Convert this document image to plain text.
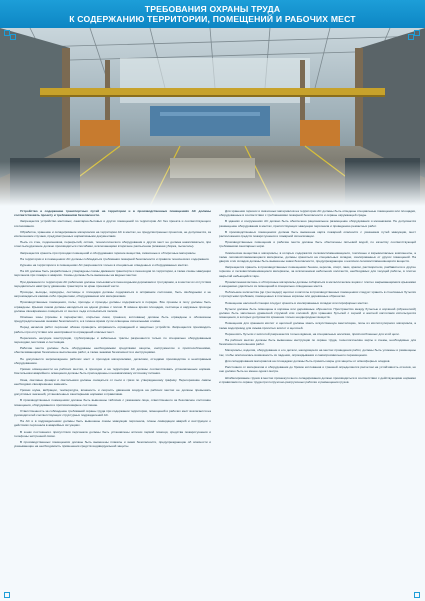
ТРЕБОВАНИЯ ОХРАНЫ ТРУДА
К СОДЕРЖАНИЮ ТЕРРИТОРИИ, ПОМЕЩЕНИЙ И РАБОЧИХ МЕСТ

Устройство и содержание транспортных путей на территории и в производственных помещениях АС должны соответствовать проекту и требованиям безопасности.

Запрещается устройство местовых, санитарно-бытовых и других помещений по территории АС без проекта и соответствующего согласования.

Обработка, хранение и складирование материалов на территории АС в местах, не предусмотренных проектом, не допускается, за исключением случаев, предусмотренных нормативными документами.

Пыль со стен, подоконников, перекрытий, оптики, технологического оборудования и других мест не должна накапливаться, при этом пылеудаление должно производиться способами, исключающими вторичное распыление (влажная уборка, пылесосы).

Запрещается хранить при проходах помещений и оборудования горючие вещества, смазочные и обтирочные материалы.

На территории и в помещениях АС должны соблюдаться требования пожарной безопасности и правила технического содержания.

Курение на территории и в помещениях АС разрешается только в специально отведенных и оборудованных местах.

На АС должны быть разработаны и утверждены схемы движения транспорта и пешеходов по территории, а также схемы эвакуации персонала при пожаре и авариях. Схемы должны быть вывешены на видных местах.

При движении по территории АС работники должны пользоваться пешеходными дорожками и тротуарами, а в местах их отсутствия передвигаться навстречу движению транспорта по краю проезжей части.

Проходы, выходы, коридоры, лестницы и площадки должны содержаться в исправном состоянии, быть свободными и не загромождаться какими-либо предметами, оборудованием или материалами.

Производственные помещения, полы, проходы и проезды должны содержаться в порядке. Все проемы в полу должны быть ограждены. Крышки люков должны находиться на одном уровне с полом. В зимнее время площадки, лестницы и наружные проходы должны своевременно очищаться от снега и льда и посыпаться песком.

Опасные зоны (проемы в перекрытиях, открытые люки, траншеи, котлованы) должны быть ограждены и обозначены предупредительными знаками безопасности, а в темное время суток освещены сигнальными огнями.

Перед началом работ персонал обязан проверить исправность ограждений и защитных устройств. Запрещается производить работы при отсутствии или неисправности ограждений опасных мест.

Пересекать несущие конструкции, трубопроводы и кабельные трассы разрешается только по специально оборудованным переходам, мостикам и лестницам.

Рабочие места должны быть оборудованы необходимыми средствами защиты, инструментом и приспособлениями, обеспечивающими безопасное выполнение работ, а также знаками безопасности и инструкциями.

Не допускается загромождение рабочих мест и проходов материалами, деталями, отходами производства и неисправным оборудованием.

Уровни освещенности на рабочих местах, в проходах и на территории АС должны соответствовать установленным нормам. Светильники аварийного освещения должны быть присоединены к независимому источнику питания.

Окна, световые фонари и светильники должны очищаться от пыли и грязи по утвержденному графику. Перегоревшие лампы необходимо своевременно заменять.

Уровни шума, вибрации, температура, влажность и скорость движения воздуха на рабочих местах не должны превышать допустимых значений, установленных санитарными нормами и правилами.

В производственных помещениях должны быть вывешены таблички с указанием лица, ответственного за безопасное состояние помещения, оборудования и противопожарное состояние.

Ответственность за соблюдение требований охраны труда при содержании территории, помещений и рабочих мест возлагается на руководителей соответствующих структурных подразделений АС.

На АС и в подразделениях должны быть вывешены схемы эвакуации персонала, планы ликвидации аварий и инструкции о действиях персонала в аварийных ситуациях.

В зонах постоянного присутствия персонала должны быть установлены аптечки первой помощи, средства пожаротушения и телефоны экстренной связи.

В производственных помещениях должны быть вывешены плакаты и знаки безопасности, предупреждающие об опасности и указывающие на необходимость применения средств индивидуальной защиты.

Для хранения горючих и смазочных материалов на территории АС должны быть отведены специальные помещения или площадки, оборудованные в соответствии с требованиями пожарной безопасности и охраны окружающей среды.

В зданиях и сооружениях АС должно быть обеспечено рациональное размещение оборудования и механизмов. Не допускается размещение оборудования в местах, препятствующих эвакуации персонала и проведению ремонтных работ.

В производственных помещениях должна быть вывешена карта пожарной опасности с указанием путей эвакуации, мест расположения средств пожаротушения и пожарной сигнализации.

Производственные помещения и рабочие места должны быть обеспечены питьевой водой, по качеству соответствующей требованиям санитарных норм.

Химические вещества и материалы, в которых содержатся легковоспламеняющиеся, токсичные и взрывоопасные компоненты, а также легковоспламеняющиеся материалы, должны храниться на специальных складах, изолированных от других помещений. На дверях этих складов должны быть вывешены знаки безопасности, предупреждающие о наличии легковоспламеняющихся веществ.

Запрещается хранить в производственных помещениях бензин, керосин, спирт, лаки, краски, растворители, разбавители и другие горючие и легковоспламеняющиеся материалы, за исключением небольших количеств, необходимых для текущей работы, в плотно закрытой небьющейся таре.

Промасленная ветошь и обтирочные материалы должны собираться в металлические ящики с плотно закрывающимися крышками и ежедневно удаляться из помещений в специально отведенные места.

Небольшие количества (до трех ведер) щелочи и кислоты в производственных помещениях следует хранить в стеклянных бутылях с притертыми пробками, помещенных в плетеные корзины или деревянные обрешетки.

Помещение насосной станции следует хранить в изолированных складах или пирофорных местах.

Бутыли должны быть помещены в корзины или деревянные обрешетки. Пространство между бутылью и корзиной (обрешеткой) должно быть заполнено древесной стружкой или соломой. Для хранения бутылей с серной и азотной кислотами используются помещения, в которых допускается хранение только неоднородных веществ.

Помещения для хранения кислот и щелочей должны иметь искусственную вентиляцию, полы из кислотоупорного материала, а также водопровод для смыва пролитых кислот и щелочей.

Переносить бутыли с кислотой разрешается только вдвоем, на специальных носилках, приспособленных для этой цели.

На рабочих местах должны быть вывешены инструкции по охране труда, технологические карты и схемы, необходимые для безопасного выполнения работ.

Материалы, изделия, оборудование и его детали, находящиеся на местах проведения работ, должны быть уложены и размещены так, чтобы исключалась возможность их падения, опрокидывания и самопроизвольного перемещения.

Для складирования материалов на площадках должны быть приняты меры для защиты от атмосферных осадков.

Расстояния от материалов и оборудования до бровок котлованов и траншей определяются расчетом на устойчивость откосов, но оно должно быть не менее одного метра.

Штабелирование грузов в местах промежуточного складирования должно производиться в соответствии с действующими нормами и правилами по охране труда при погрузочно-разгрузочных работах и размещении грузов.
